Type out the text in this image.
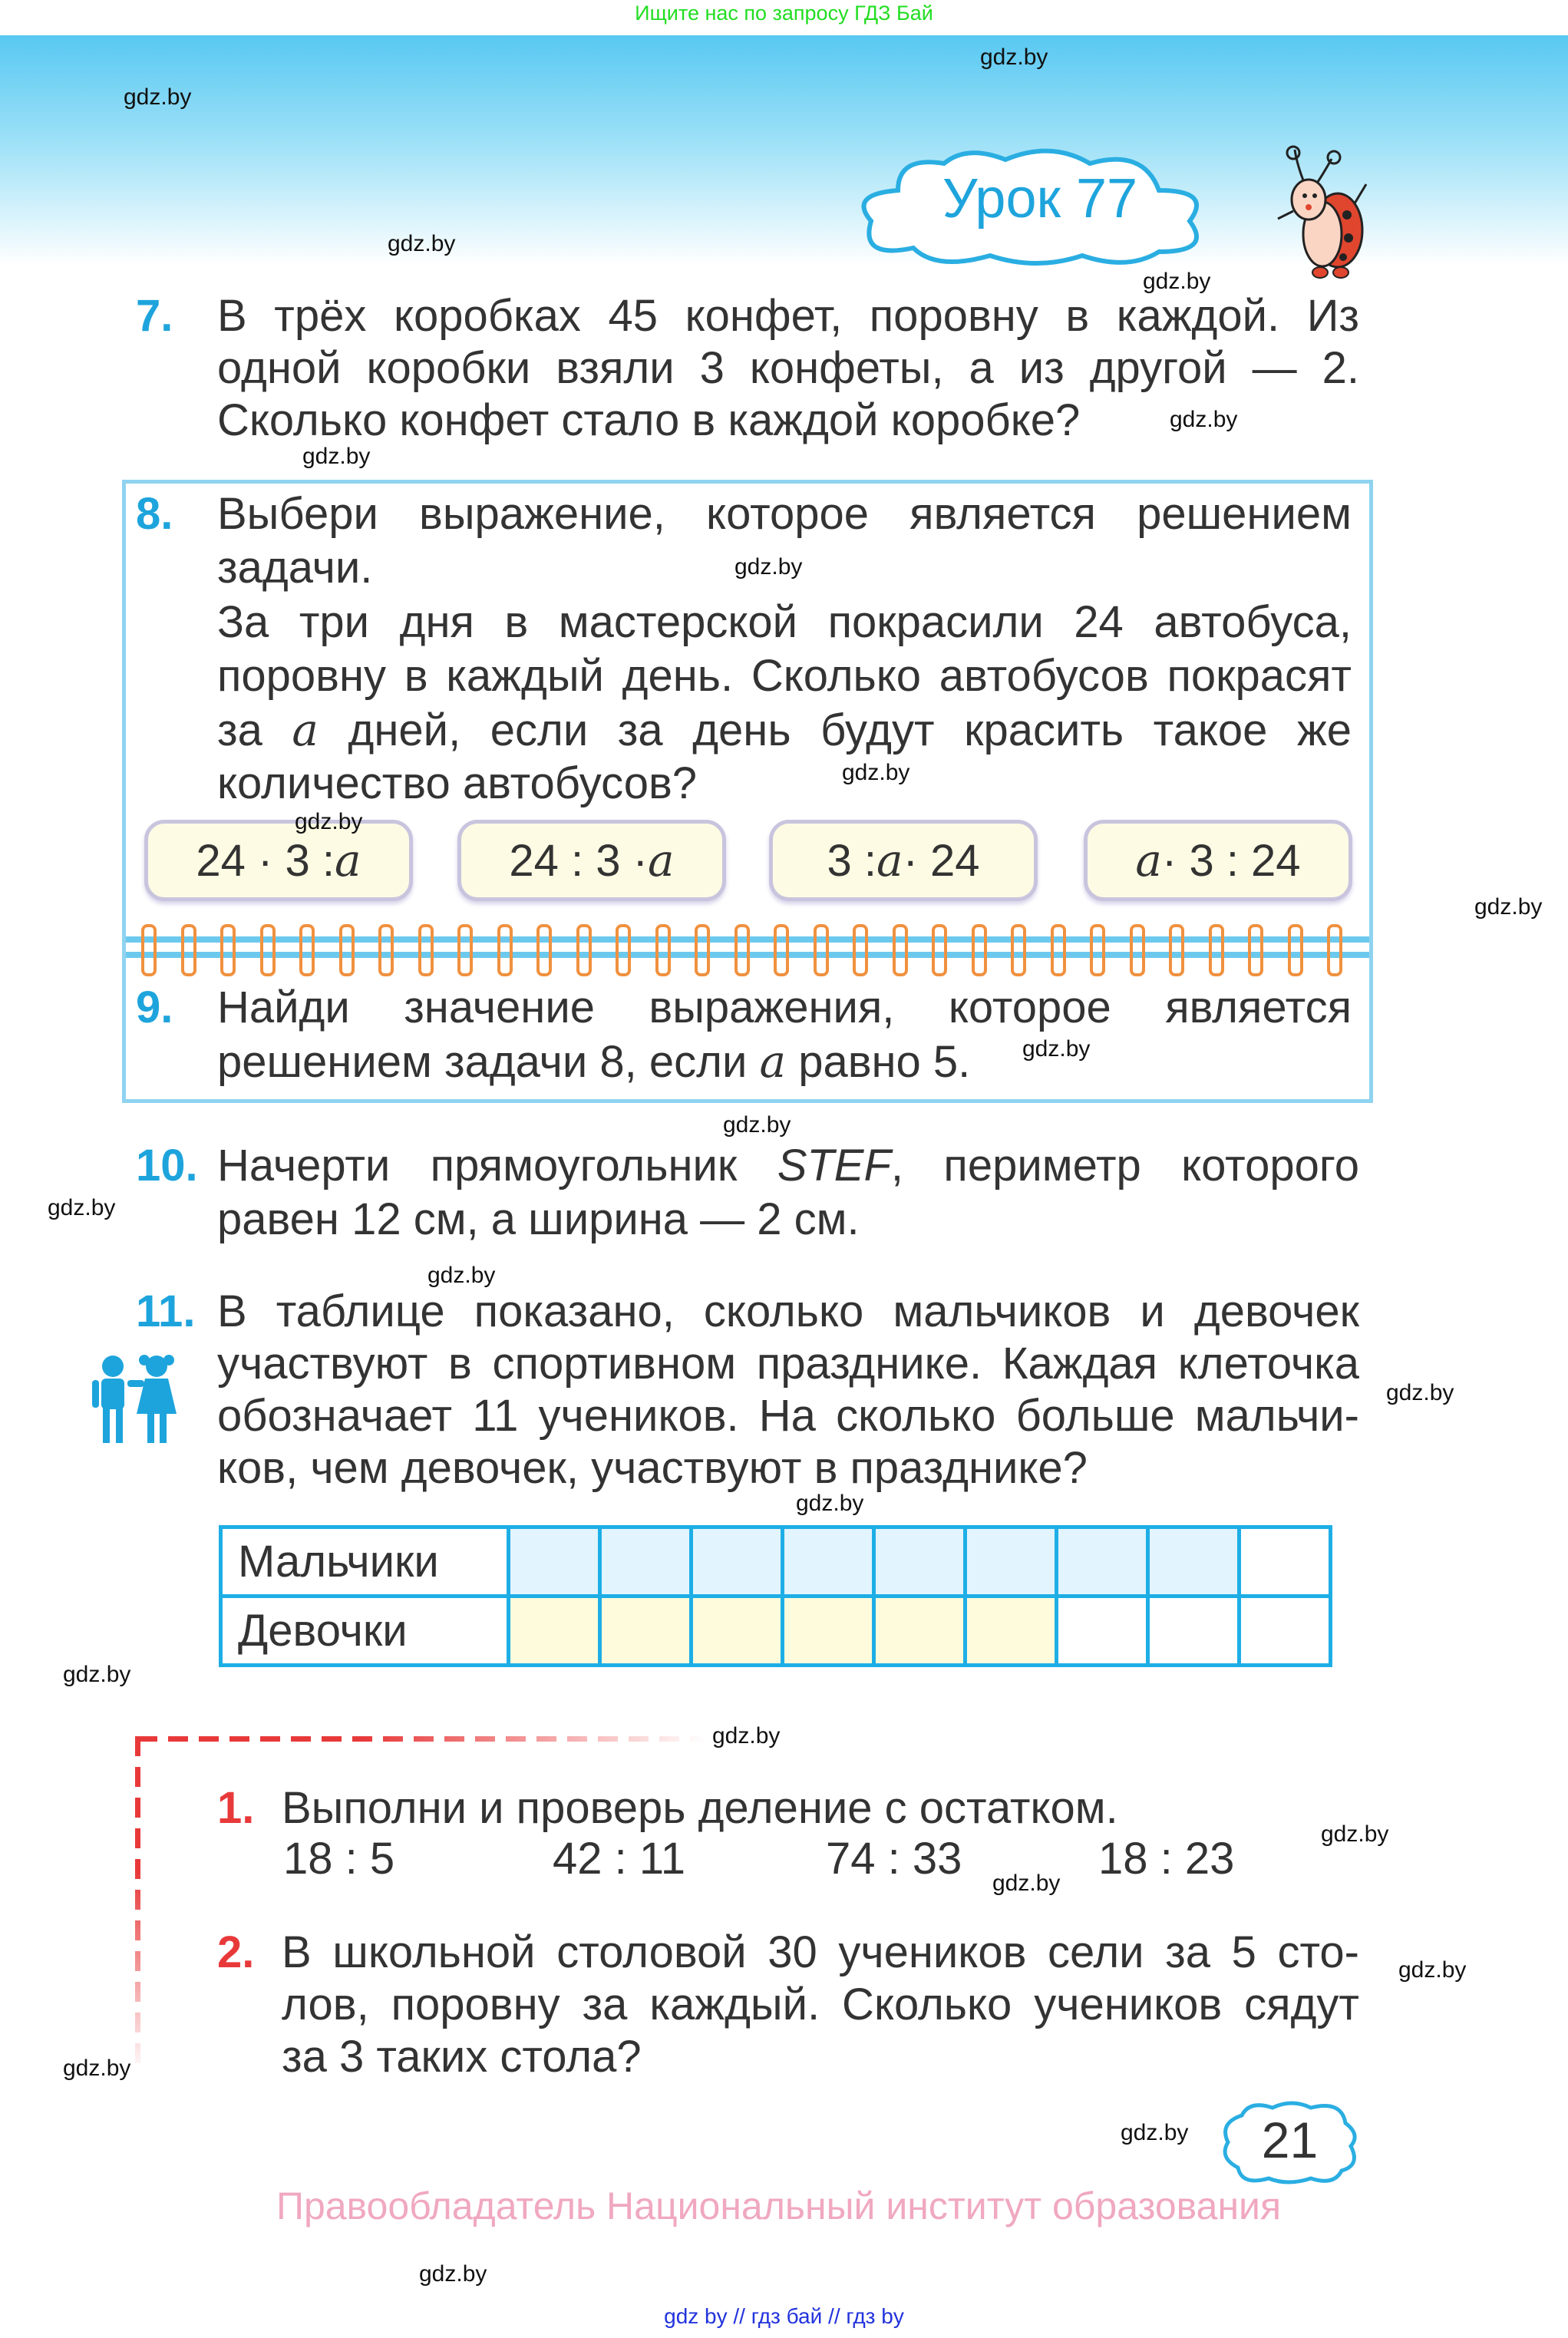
Ищите нас по запросу ГДЗ Бай
Урок 77
7. В трёх коробках 45 конфет, поровну в каждой. Из
одной коробки взяли 3 конфеты, а из другой — 2.
Сколько конфет стало в каждой коробке?
8. Выбери выражение, которое является решением
задачи.
За три дня в мастерской покрасили 24 автобуса,
поровну в каждый день. Сколько автобусов покрасят
за a дней, если за день будут красить такое же
количество автобусов?
24 · 3 : a	24 : 3 · a	3 : a · 24	a · 3 : 24
9. Найди значение выражения, которое является
решением задачи 8, если a равно 5.
10. Начерти прямоугольник STEF, периметр которого
равен 12 см, а ширина — 2 см.
11. В таблице показано, сколько мальчиков и девочек
участвуют в спортивном празднике. Каждая клеточка
обозначает 11 учеников. На сколько больше мальчи-
ков, чем девочек, участвуют в празднике?
Мальчики									
Девочки									
1. Выполни и проверь деление с остатком.
18 : 5	42 : 11	74 : 33	18 : 23
2. В школьной столовой 30 учеников сели за 5 сто-
лов, поровну за каждый. Сколько учеников сядут
за 3 таких стола?
21
Правообладатель Национальный институт образования
gdz by // гдз бай // гдз by
gdz.by
gdz.by
gdz.by
gdz.by
gdz.by
gdz.by
gdz.by
gdz.by
gdz.by
gdz.by
gdz.by
gdz.by
gdz.by
gdz.by
gdz.by
gdz.by
gdz.by
gdz.by
gdz.by
gdz.by
gdz.by
gdz.by
gdz.by
gdz.by
